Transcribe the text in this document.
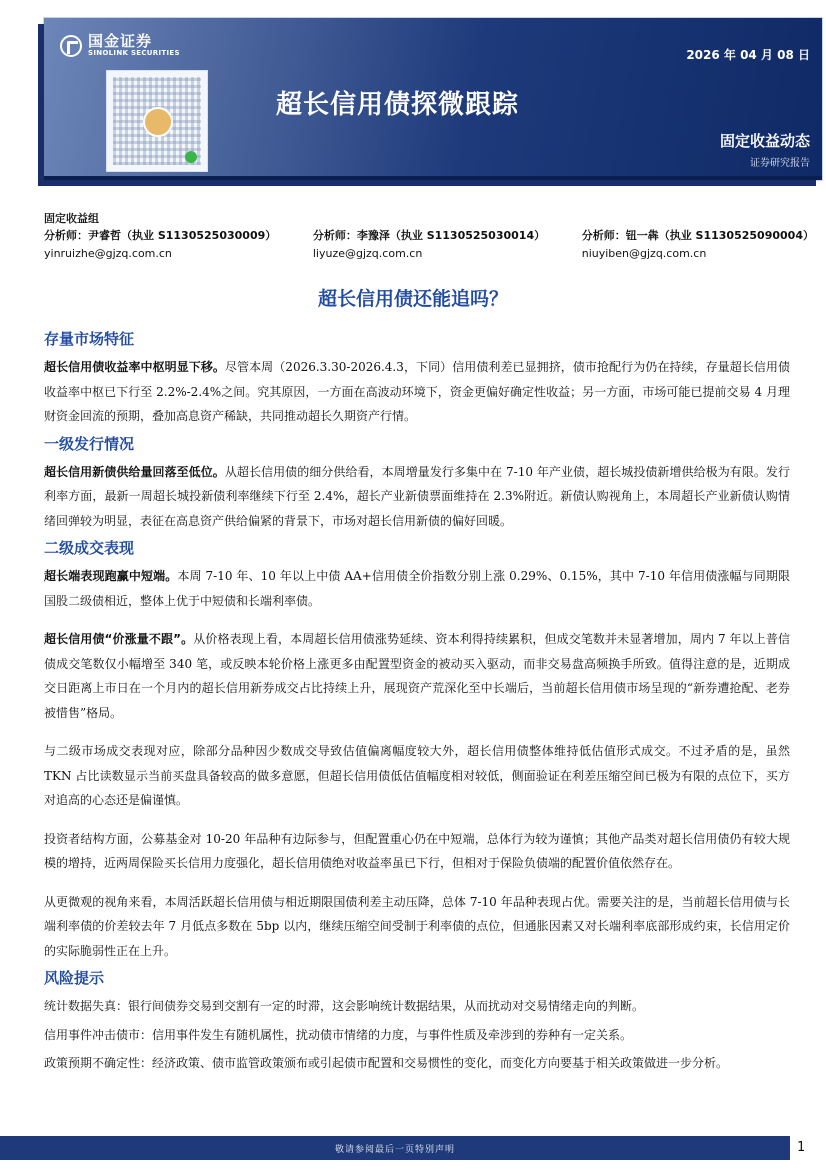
国金证券
SINOLINK SECURITIES	2026 年 04 月 08 日
超长信用债探微跟踪
固定收益动态
证券研究报告
固定收益组
分析师：尹睿哲（执业 S1130525030009）
yinruizhe@gjzq.com.cn
分析师：李豫泽（执业 S1130525030014）
liyuze@gjzq.com.cn
分析师：钮一犇（执业 S1130525090004）
niuyiben@gjzq.com.cn
超长信用债还能追吗？
存量市场特征

超长信用债收益率中枢明显下移。尽管本周（2026.3.30-2026.4.3，下同）信用债利差已显拥挤，债市抢配行为仍在持续，存量超长信用债收益率中枢已下行至 2.2%-2.4%之间。究其原因，一方面在高波动环境下，资金更偏好确定性收益；另一方面，市场可能已提前交易 4 月理财资金回流的预期，叠加高息资产稀缺，共同推动超长久期资产行情。

一级发行情况

超长信用新债供给量回落至低位。从超长信用债的细分供给看，本周增量发行多集中在 7-10 年产业债，超长城投债新增供给极为有限。发行利率方面，最新一周超长城投新债利率继续下行至 2.4%，超长产业新债票面维持在 2.3%附近。新债认购视角上，本周超长产业新债认购情绪回弹较为明显，表征在高息资产供给偏紧的背景下，市场对超长信用新债的偏好回暖。

二级成交表现

超长端表现跑赢中短端。本周 7-10 年、10 年以上中债 AA+信用债全价指数分别上涨 0.29%、0.15%，其中 7-10 年信用债涨幅与同期限国股二级债相近，整体上优于中短债和长端利率债。

超长信用债“价涨量不跟”。从价格表现上看，本周超长信用债涨势延续、资本利得持续累积，但成交笔数并未显著增加，周内 7 年以上普信债成交笔数仅小幅增至 340 笔，或反映本轮价格上涨更多由配置型资金的被动买入驱动，而非交易盘高频换手所致。值得注意的是，近期成交日距离上市日在一个月内的超长信用新券成交占比持续上升，展现资产荒深化至中长端后，当前超长信用债市场呈现的“新券遭抢配、老券被惜售”格局。

与二级市场成交表现对应，除部分品种因少数成交导致估值偏离幅度较大外，超长信用债整体维持低估值形式成交。不过矛盾的是，虽然 TKN 占比读数显示当前买盘具备较高的做多意愿，但超长信用债低估值幅度相对较低，侧面验证在利差压缩空间已极为有限的点位下，买方对追高的心态还是偏谨慎。

投资者结构方面，公募基金对 10-20 年品种有边际参与，但配置重心仍在中短端，总体行为较为谨慎；其他产品类对超长信用债仍有较大规模的增持，近两周保险买长信用力度强化，超长信用债绝对收益率虽已下行，但相对于保险负债端的配置价值依然存在。

从更微观的视角来看，本周活跃超长信用债与相近期限国债利差主动压降，总体 7-10 年品种表现占优。需要关注的是，当前超长信用债与长端利率债的价差较去年 7 月低点多数在 5bp 以内，继续压缩空间受制于利率债的点位，但通胀因素又对长端利率底部形成约束，长信用定价的实际脆弱性正在上升。

风险提示

统计数据失真：银行间债券交易到交割有一定的时滞，这会影响统计数据结果，从而扰动对交易情绪走向的判断。

信用事件冲击债市：信用事件发生有随机属性，扰动债市情绪的力度，与事件性质及牵涉到的券种有一定关系。

政策预期不确定性：经济政策、债市监管政策颁布或引起债市配置和交易惯性的变化，而变化方向要基于相关政策做进一步分析。

敬请参阅最后一页特别声明	1
